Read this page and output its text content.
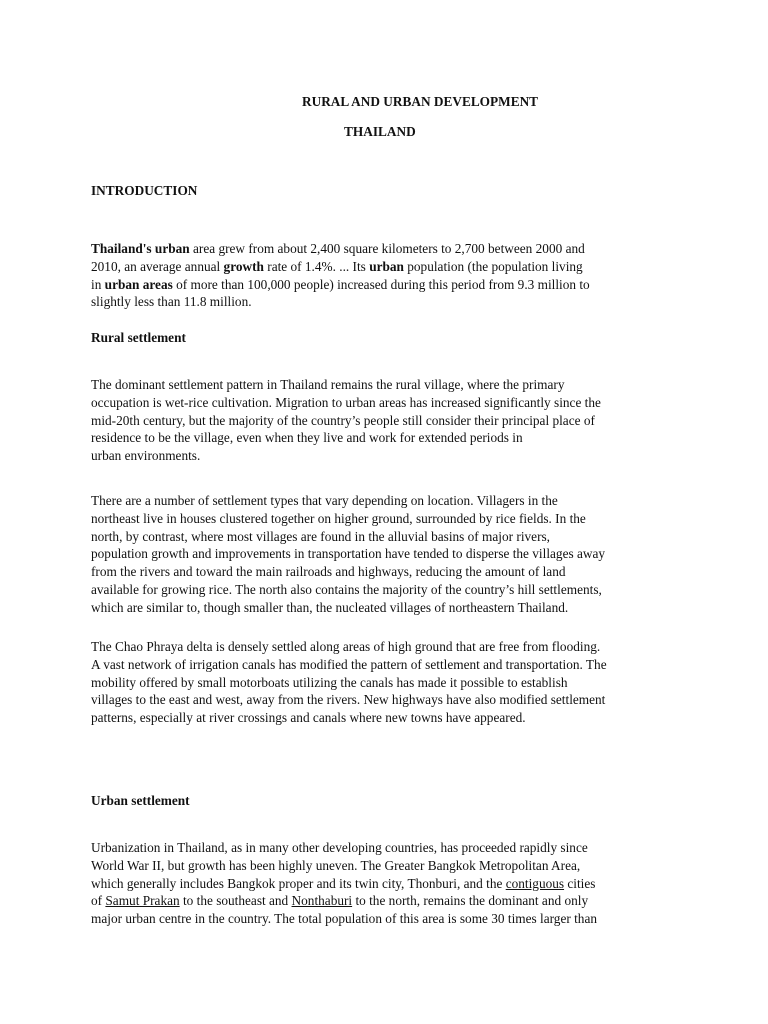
RURAL AND URBAN DEVELOPMENT
THAILAND
INTRODUCTION
Thailand's urban area grew from about 2,400 square kilometers to 2,700 between 2000 and
2010, an average annual growth rate of 1.4%. ... Its urban population (the population living
in urban areas of more than 100,000 people) increased during this period from 9.3 million to
slightly less than 11.8 million.
Rural settlement
The dominant settlement pattern in Thailand remains the rural village, where the primary
occupation is wet-rice cultivation. Migration to urban areas has increased significantly since the
mid-20th century, but the majority of the country’s people still consider their principal place of
residence to be the village, even when they live and work for extended periods in
urban environments.
There are a number of settlement types that vary depending on location. Villagers in the
northeast live in houses clustered together on higher ground, surrounded by rice fields. In the
north, by contrast, where most villages are found in the alluvial basins of major rivers,
population growth and improvements in transportation have tended to disperse the villages away
from the rivers and toward the main railroads and highways, reducing the amount of land
available for growing rice. The north also contains the majority of the country’s hill settlements,
which are similar to, though smaller than, the nucleated villages of northeastern Thailand.
The Chao Phraya delta is densely settled along areas of high ground that are free from flooding.
A vast network of irrigation canals has modified the pattern of settlement and transportation. The
mobility offered by small motorboats utilizing the canals has made it possible to establish
villages to the east and west, away from the rivers. New highways have also modified settlement
patterns, especially at river crossings and canals where new towns have appeared.
Urban settlement
Urbanization in Thailand, as in many other developing countries, has proceeded rapidly since
World War II, but growth has been highly uneven. The Greater Bangkok Metropolitan Area,
which generally includes Bangkok proper and its twin city, Thonburi, and the contiguous cities
of Samut Prakan to the southeast and Nonthaburi to the north, remains the dominant and only
major urban centre in the country. The total population of this area is some 30 times larger than
